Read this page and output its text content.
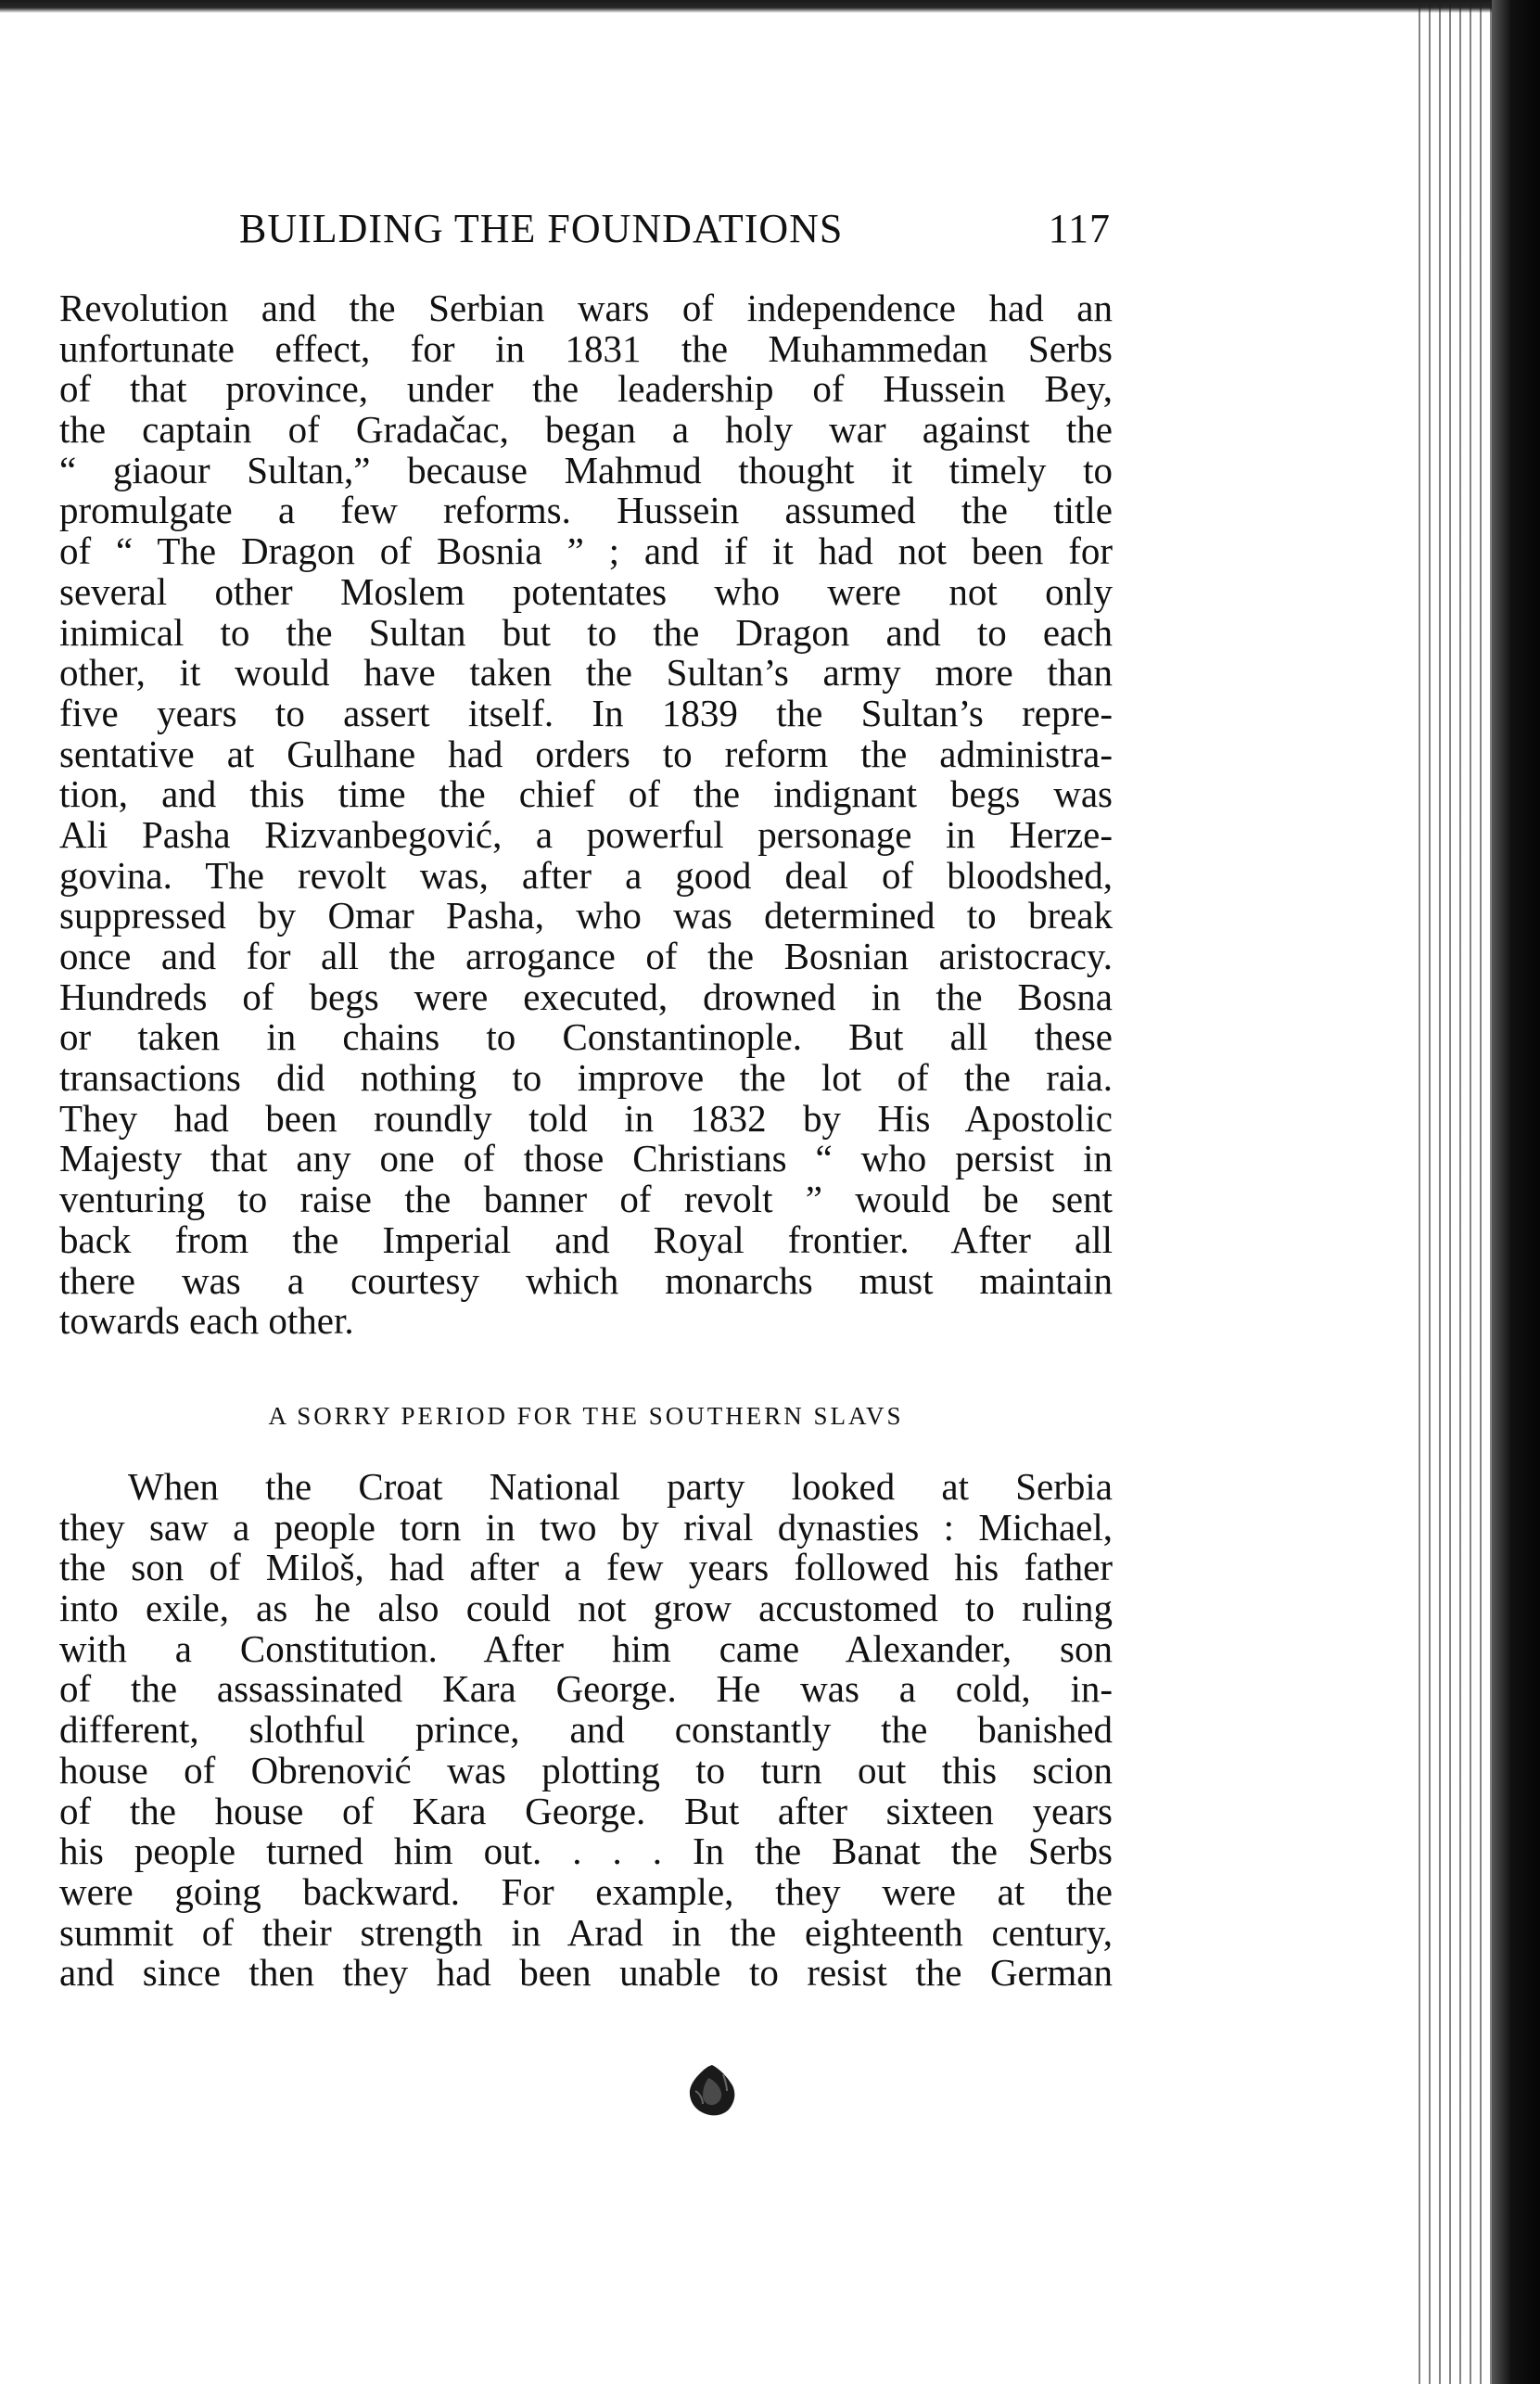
BUILDING THE FOUNDATIONS	117
Revolution and the Serbian wars of independence had an
unfortunate effect, for in 1831 the Muhammedan Serbs
of that province, under the leadership of Hussein Bey,
the captain of Gradačac, began a holy war against the
“ giaour Sultan,” because Mahmud thought it timely to
promulgate a few reforms. Hussein assumed the title
of “ The Dragon of Bosnia ” ; and if it had not been for
several other Moslem potentates who were not only
inimical to the Sultan but to the Dragon and to each
other, it would have taken the Sultan’s army more than
five years to assert itself. In 1839 the Sultan’s repre-
sentative at Gulhane had orders to reform the administra-
tion, and this time the chief of the indignant begs was
Ali Pasha Rizvanbegović, a powerful personage in Herze-
govina. The revolt was, after a good deal of bloodshed,
suppressed by Omar Pasha, who was determined to break
once and for all the arrogance of the Bosnian aristocracy.
Hundreds of begs were executed, drowned in the Bosna
or taken in chains to Constantinople. But all these
transactions did nothing to improve the lot of the raia.
They had been roundly told in 1832 by His Apostolic
Majesty that any one of those Christians “ who persist in
venturing to raise the banner of revolt ” would be sent
back from the Imperial and Royal frontier. After all
there was a courtesy which monarchs must maintain
towards each other.
A SORRY PERIOD FOR THE SOUTHERN SLAVS
When the Croat National party looked at Serbia
they saw a people torn in two by rival dynasties : Michael,
the son of Miloš, had after a few years followed his father
into exile, as he also could not grow accustomed to ruling
with a Constitution. After him came Alexander, son
of the assassinated Kara George. He was a cold, in-
different, slothful prince, and constantly the banished
house of Obrenović was plotting to turn out this scion
of the house of Kara George. But after sixteen years
his people turned him out. . . . In the Banat the Serbs
were going backward. For example, they were at the
summit of their strength in Arad in the eighteenth century,
and since then they had been unable to resist the German
